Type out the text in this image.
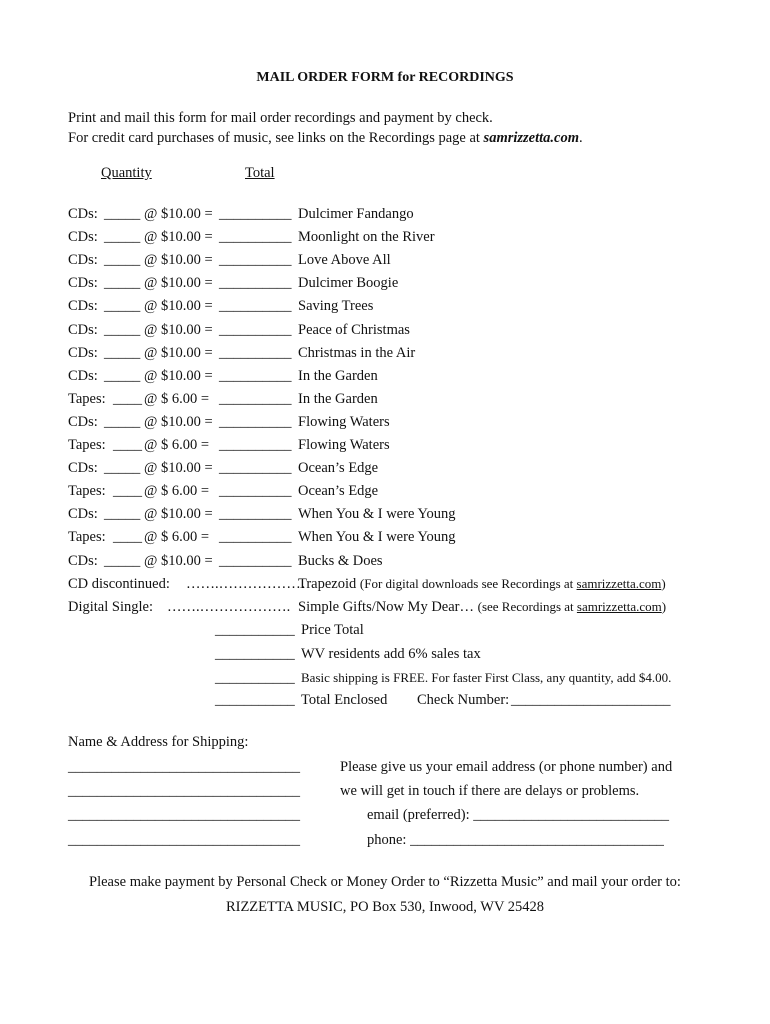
MAIL ORDER FORM for RECORDINGS
Print and mail this form for mail order recordings and payment by check.
For credit card purchases of music, see links on the Recordings page at samrizzetta.com.
Quantity	Total
CDs: _____ @ $10.00 = __________ Dulcimer Fandango
CDs: _____ @ $10.00 = __________ Moonlight on the River
CDs: _____ @ $10.00 = __________ Love Above All
CDs: _____ @ $10.00 = __________ Dulcimer Boogie
CDs: _____ @ $10.00 = __________ Saving Trees
CDs: _____ @ $10.00 = __________ Peace of Christmas
CDs: _____ @ $10.00 = __________ Christmas in the Air
CDs: _____ @ $10.00 = __________ In the Garden
Tapes: ____ @ $ 6.00 = __________ In the Garden
CDs: _____ @ $10.00 = __________ Flowing Waters
Tapes: ____ @ $ 6.00 = __________ Flowing Waters
CDs: _____ @ $10.00 = __________ Ocean’s Edge
Tapes: ____ @ $ 6.00 = __________ Ocean’s Edge
CDs: _____ @ $10.00 = __________ When You & I were Young
Tapes: ____ @ $ 6.00 = __________ When You & I were Young
CDs: _____ @ $10.00 = __________ Bucks & Does
CD discontinued: …….………………
Trapezoid (For digital downloads see Recordings at samrizzetta.com)
Digital Single: …….………………. Simple Gifts/Now My Dear… (see Recordings at samrizzetta.com)
___________ Price Total
___________ WV residents add 6% sales tax
___________ Basic shipping is FREE. For faster First Class, any quantity, add $4.00.
___________ Total Enclosed Check Number: ______________________
Name & Address for Shipping:
________________________________
________________________________
________________________________
________________________________
Please give us your email address (or phone number) and
we will get in touch if there are delays or problems.
email (preferred): ___________________________
phone: ___________________________________
Please make payment by Personal Check or Money Order to “Rizzetta Music” and mail your order to:
RIZZETTA MUSIC, PO Box 530, Inwood, WV 25428
